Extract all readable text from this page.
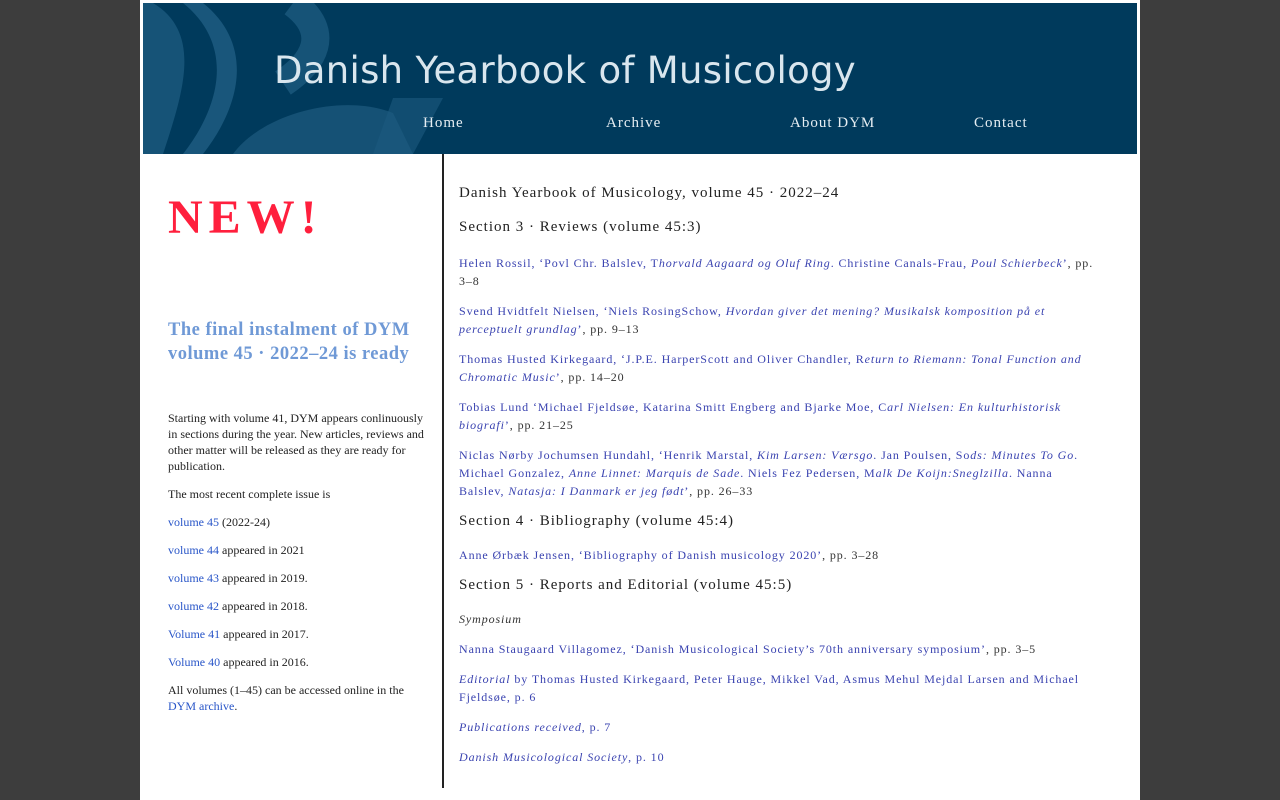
Danish Yearbook of Musicology
Home	Archive	About DYM	Contact
NEW!
The final instalment of DYM volume 45 · 2022–24 is ready
Starting with volume 41, DYM appears conlinuously in sections during the year. New articles, reviews and other matter will be released as they are ready for publication.
The most recent complete issue is
volume 45 (2022-24)
volume 44 appeared in 2021
volume 43 appeared in 2019.
volume 42 appeared in 2018.
Volume 41 appeared in 2017.
Volume 40 appeared in 2016.
All volumes (1–45) can be accessed online in the DYM archive.
Danish Yearbook of Musicology, volume 45 · 2022–24
Section 3 · Reviews (volume 45:3)
Helen Rossil, ‘Povl Chr. Balslev, Thorvald Aagaard og Oluf Ring. Christine Canals-Frau, Poul Schierbeck’, pp. 3–8
Svend Hvidtfelt Nielsen, ‘Niels RosingSchow, Hvordan giver det mening? Musikalsk komposition på et perceptuelt grundlag’, pp. 9–13
Thomas Husted Kirkegaard, ‘J.P.E. HarperScott and Oliver Chandler, Return to Riemann: Tonal Function and Chromatic Music’, pp. 14–20
Tobias Lund ‘Michael Fjeldsøe, Katarina Smitt Engberg and Bjarke Moe, Carl Nielsen: En kulturhistorisk biografi’, pp. 21–25
Niclas Nørby Jochumsen Hundahl, ‘Henrik Marstal, Kim Larsen: Værsgo. Jan Poulsen, Sods: Minutes To Go. Michael Gonzalez, Anne Linnet: Marquis de Sade. Niels Fez Pedersen, Malk De Koijn:Sneglzilla. Nanna Balslev, Natasja: I Danmark er jeg født’, pp. 26–33
Section 4 · Bibliography (volume 45:4)
Anne Ørbæk Jensen, ‘Bibliography of Danish musicology 2020’, pp. 3–28
Section 5 · Reports and Editorial (volume 45:5)
Symposium
Nanna Staugaard Villagomez, ‘Danish Musicological Society’s 70th anniversary symposium’, pp. 3–5
Editorial by Thomas Husted Kirkegaard, Peter Hauge, Mikkel Vad, Asmus Mehul Mejdal Larsen and Michael Fjeldsøe, p. 6
Publications received, p. 7
Danish Musicological Society, p. 10
